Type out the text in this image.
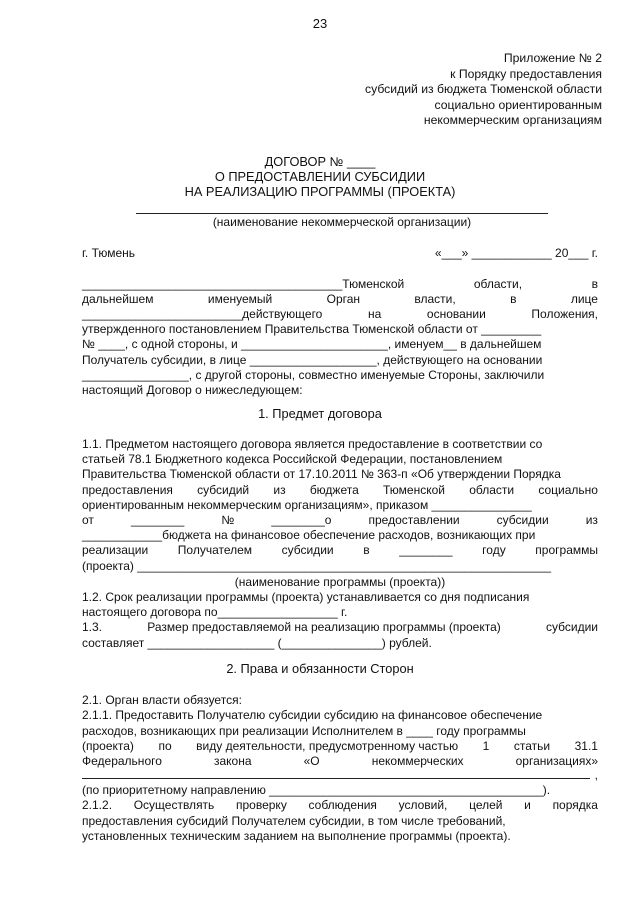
23
Приложение № 2
к Порядку предоставления
субсидий из бюджета Тюменской области
социально ориентированным
некоммерческим организациям
ДОГОВОР № ____
О ПРЕДОСТАВЛЕНИИ СУБСИДИИ
НА РЕАЛИЗАЦИЮ ПРОГРАММЫ (ПРОЕКТА)
(наименование некоммерческой организации)
г. Тюмень	«___» ____________ 20___ г.
_______________________________________Тюменской	области,	в
дальнейшем	именуемый	Орган	власти,	в	лице
________________________действующего	на	основании	Положения,
утвержденного постановлением Правительства Тюменской области от _________
№ ____, с одной стороны, и ______________________, именуем__ в дальнейшем
Получатель субсидии, в лице ___________________, действующего на основании
________________, с другой стороны, совместно именуемые Стороны, заключили
настоящий Договор о нижеследующем:
1. Предмет договора
1.1. Предметом настоящего договора является предоставление в соответствии со
статьей 78.1 Бюджетного кодекса Российской Федерации, постановлением
Правительства Тюменской области от 17.10.2011 № 363-п «Об утверждении Порядка
предоставления субсидий из бюджета Тюменской области социально
ориентированным некоммерческим организациям», приказом _______________
от	________	№	________о	предоставлении	субсидии	из
____________бюджета на финансовое обеспечение расходов, возникающих при
реализации Получателем субсидии в ________ году программы
(проекта) ______________________________________________________________
(наименование программы (проекта))
1.2. Срок реализации программы (проекта) устанавливается со дня подписания
настоящего договора по__________________ г.
1.3.	Размер предоставляемой на реализацию программы (проекта)	субсидии
составляет ___________________ (_______________) рублей.
2. Права и обязанности Сторон
2.1. Орган власти обязуется:
2.1.1. Предоставить Получателю субсидии субсидию на финансовое обеспечение
расходов, возникающих при реализации Исполнителем в ____ году программы
(проекта) по виду деятельности, предусмотренному частью 1 статьи 31.1
Федерального	закона	«О	некоммерческих	организациях»
,
(по приоритетному направлению _________________________________________).
2.1.2. Осуществлять проверку соблюдения условий, целей и порядка
предоставления субсидий Получателем субсидии, в том числе требований,
установленных техническим заданием на выполнение программы (проекта).
